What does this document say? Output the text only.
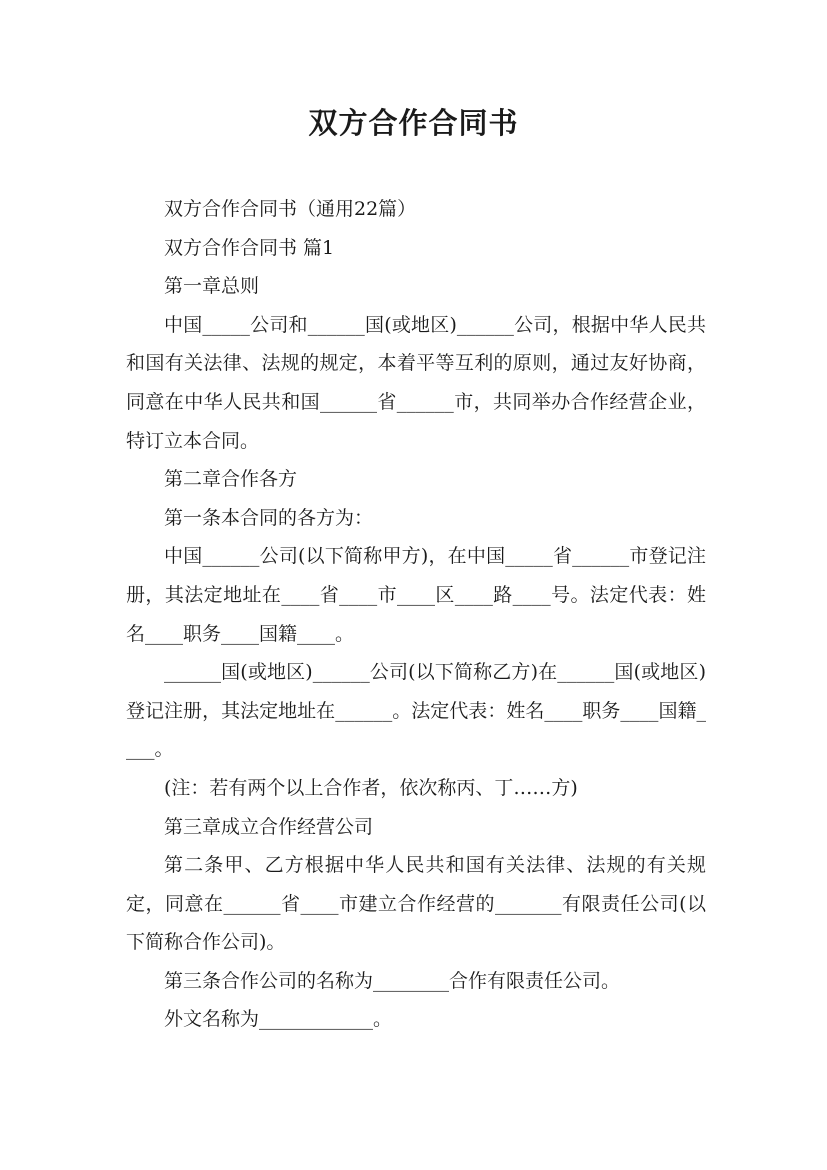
双方合作合同书

双方合作合同书（通用22篇）

双方合作合同书 篇1

第一章总则

中国_____公司和______国(或地区)______公司，根据中华人民共和国有关法律、法规的规定，本着平等互利的原则，通过友好协商，同意在中华人民共和国______省______市，共同举办合作经营企业，特订立本合同。

第二章合作各方

第一条本合同的各方为：

中国______公司(以下简称甲方)，在中国_____省______市登记注册，其法定地址在____省____市____区____路____号。法定代表：姓名____职务____国籍____。

______国(或地区)______公司(以下简称乙方)在______国(或地区)登记注册，其法定地址在______。法定代表：姓名____职务____国籍____。

(注：若有两个以上合作者，依次称丙、丁……方)

第三章成立合作经营公司

第二条甲、乙方根据中华人民共和国有关法律、法规的有关规定，同意在______省____市建立合作经营的_______有限责任公司(以下简称合作公司)。

第三条合作公司的名称为________合作有限责任公司。

外文名称为____________。
